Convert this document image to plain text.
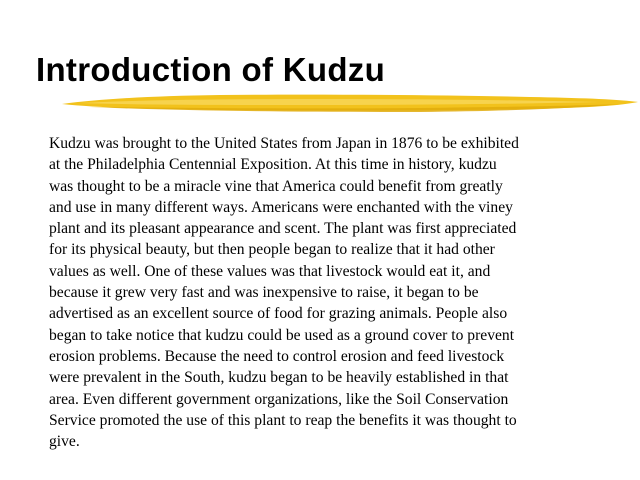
Introduction of Kudzu
Kudzu was brought to the United States from Japan in 1876 to be exhibited
at the Philadelphia Centennial Exposition. At this time in history, kudzu
was thought to be a miracle vine that America could benefit from greatly
and use in many different ways. Americans were enchanted with the viney
plant and its pleasant appearance and scent. The plant was first appreciated
for its physical beauty, but then people began to realize that it had other
values as well. One of these values was that livestock would eat it, and
because it grew very fast and was inexpensive to raise, it began to be
advertised as an excellent source of food for grazing animals. People also
began to take notice that kudzu could be used as a ground cover to prevent
erosion problems. Because the need to control erosion and feed livestock
were prevalent in the South, kudzu began to be heavily established in that
area. Even different government organizations, like the Soil Conservation
Service promoted the use of this plant to reap the benefits it was thought to
give.
